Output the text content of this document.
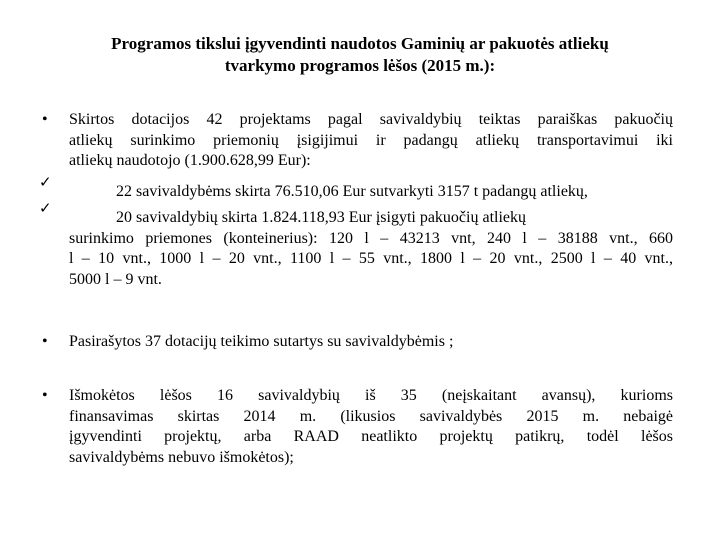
Programos tikslui įgyvendinti naudotos Gaminių ar pakuotės atliekų
tvarkymo programos lėšos (2015 m.):
• Skirtos dotacijos 42 projektams pagal savivaldybių teiktas paraiškas pakuočių
atliekų surinkimo priemonių įsigijimui ir padangų atliekų transportavimui iki
atliekų naudotojo (1.900.628,99 Eur):
✓
22 savivaldybėms skirta 76.510,06 Eur sutvarkyti 3157 t padangų atliekų,
✓
20 savivaldybių skirta 1.824.118,93 Eur įsigyti pakuočių atliekų
surinkimo priemones (konteinerius): 120 l – 43213 vnt, 240 l – 38188 vnt., 660
l – 10 vnt., 1000 l – 20 vnt., 1100 l – 55 vnt., 1800 l – 20 vnt., 2500 l – 40 vnt.,
5000 l – 9 vnt.
• Pasirašytos 37 dotacijų teikimo sutartys su savivaldybėmis ;
• Išmokėtos lėšos 16 savivaldybių iš 35 (neįskaitant avansų), kurioms
finansavimas skirtas 2014 m. (likusios savivaldybės 2015 m. nebaigė
įgyvendinti projektų, arba RAAD neatlikto projektų patikrų, todėl lėšos
savivaldybėms nebuvo išmokėtos);
